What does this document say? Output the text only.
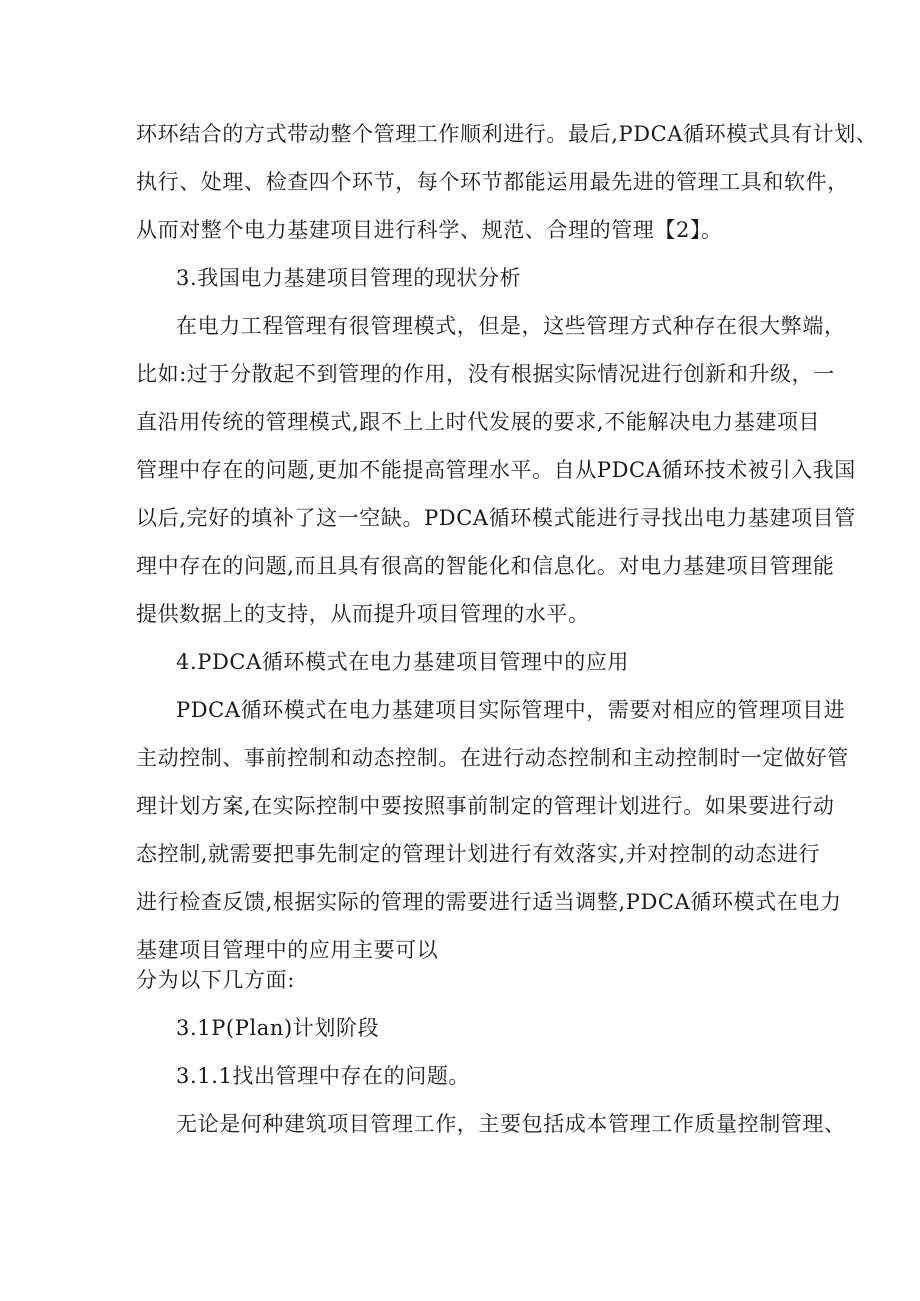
环环结合的方式带动整个管理工作顺利进行。最后,PDCA循环模式具有计划、
执行、处理、检查四个环节，每个环节都能运用最先进的管理工具和软件，
从而对整个电力基建项目进行科学、规范、合理的管理【2】。
3.我国电力基建项目管理的现状分析
在电力工程管理有很管理模式，但是，这些管理方式种存在很大弊端，
比如:过于分散起不到管理的作用，没有根据实际情况进行创新和升级，一
直沿用传统的管理模式,跟不上上时代发展的要求,不能解决电力基建项目
管理中存在的问题,更加不能提高管理水平。自从PDCA循环技术被引入我国
以后,完好的填补了这一空缺。PDCA循环模式能进行寻找出电力基建项目管
理中存在的问题,而且具有很高的智能化和信息化。对电力基建项目管理能
提供数据上的支持，从而提升项目管理的水平。
4.PDCA循环模式在电力基建项目管理中的应用
PDCA循环模式在电力基建项目实际管理中，需要对相应的管理项目进
主动控制、事前控制和动态控制。在进行动态控制和主动控制时一定做好管
理计划方案,在实际控制中要按照事前制定的管理计划进行。如果要进行动
态控制,就需要把事先制定的管理计划进行有效落实,并对控制的动态进行
进行检查反馈,根据实际的管理的需要进行适当调整,PDCA循环模式在电力
基建项目管理中的应用主要可以
分为以下几方面:
3.1P(Plan)计划阶段
3.1.1找出管理中存在的问题。
无论是何种建筑项目管理工作，主要包括成本管理工作质量控制管理、
